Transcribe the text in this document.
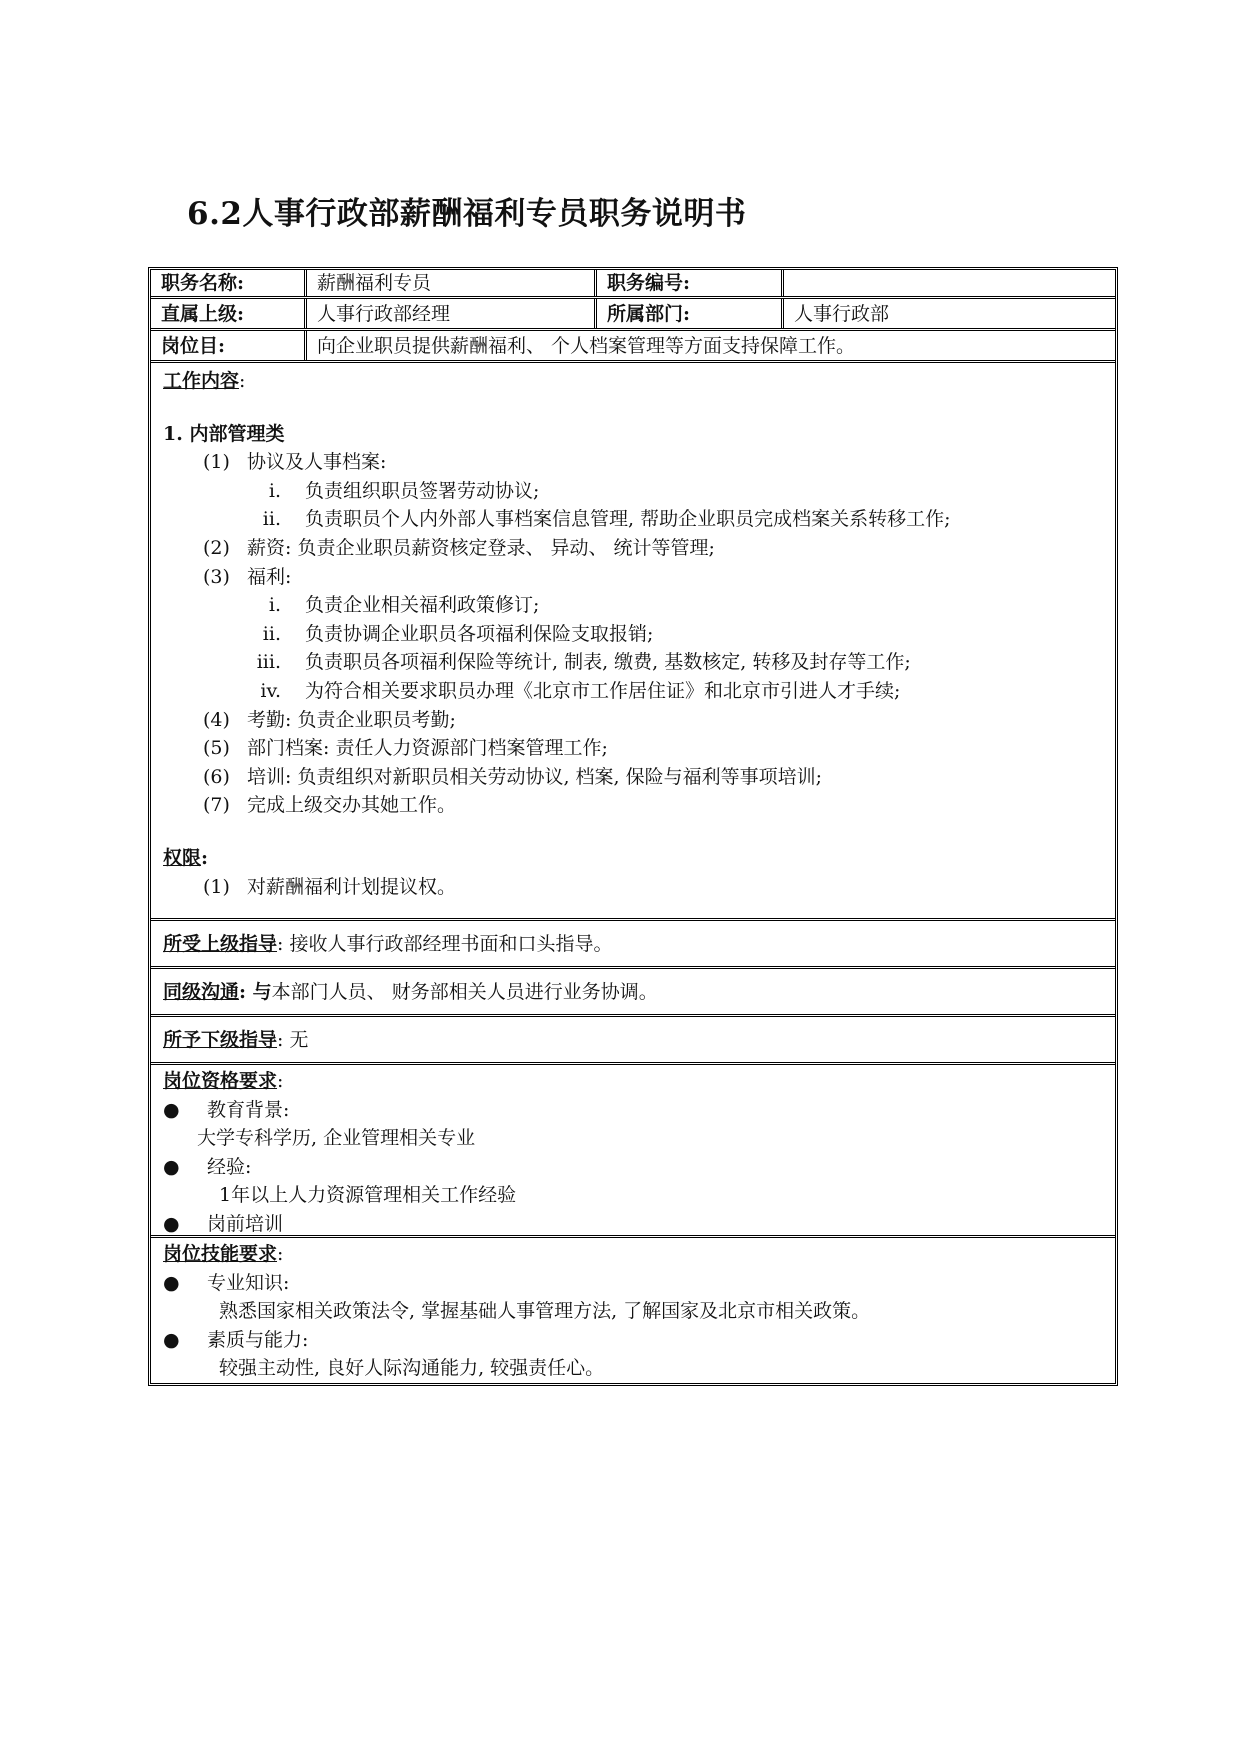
6.2人事行政部薪酬福利专员职务说明书
职务名称:	薪酬福利专员	职务编号:
直属上级:	人事行政部经理	所属部门:	人事行政部
岗位目:	向企业职员提供薪酬福利、 个人档案管理等方面支持保障工作。
工作内容:
1. 内部管理类
(1) 协议及人事档案:
i. 负责组织职员签署劳动协议;
ii. 负责职员个人内外部人事档案信息管理, 帮助企业职员完成档案关系转移工作;
(2) 薪资: 负责企业职员薪资核定登录、 异动、 统计等管理;
(3) 福利:
i. 负责企业相关福利政策修订;
ii. 负责协调企业职员各项福利保险支取报销;
iii. 负责职员各项福利保险等统计, 制表, 缴费, 基数核定, 转移及封存等工作;
iv. 为符合相关要求职员办理《北京市工作居住证》和北京市引进人才手续;
(4) 考勤: 负责企业职员考勤;
(5) 部门档案: 责任人力资源部门档案管理工作;
(6) 培训: 负责组织对新职员相关劳动协议, 档案, 保险与福利等事项培训;
(7) 完成上级交办其她工作。
权限:
(1) 对薪酬福利计划提议权。
所受上级指导 : 接收人事行政部经理书面和口头指导。
同级沟通 : 与 本部门人员、 财务部相关人员进行业务协调。
所予下级指导 : 无
岗位资格要求:
● 教育背景:
大学专科学历, 企业管理相关专业
● 经验:
1年以上人力资源管理相关工作经验
● 岗前培训
岗位技能要求:
● 专业知识:
熟悉国家相关政策法令, 掌握基础人事管理方法, 了解国家及北京市相关政策。
● 素质与能力:
较强主动性, 良好人际沟通能力, 较强责任心。
